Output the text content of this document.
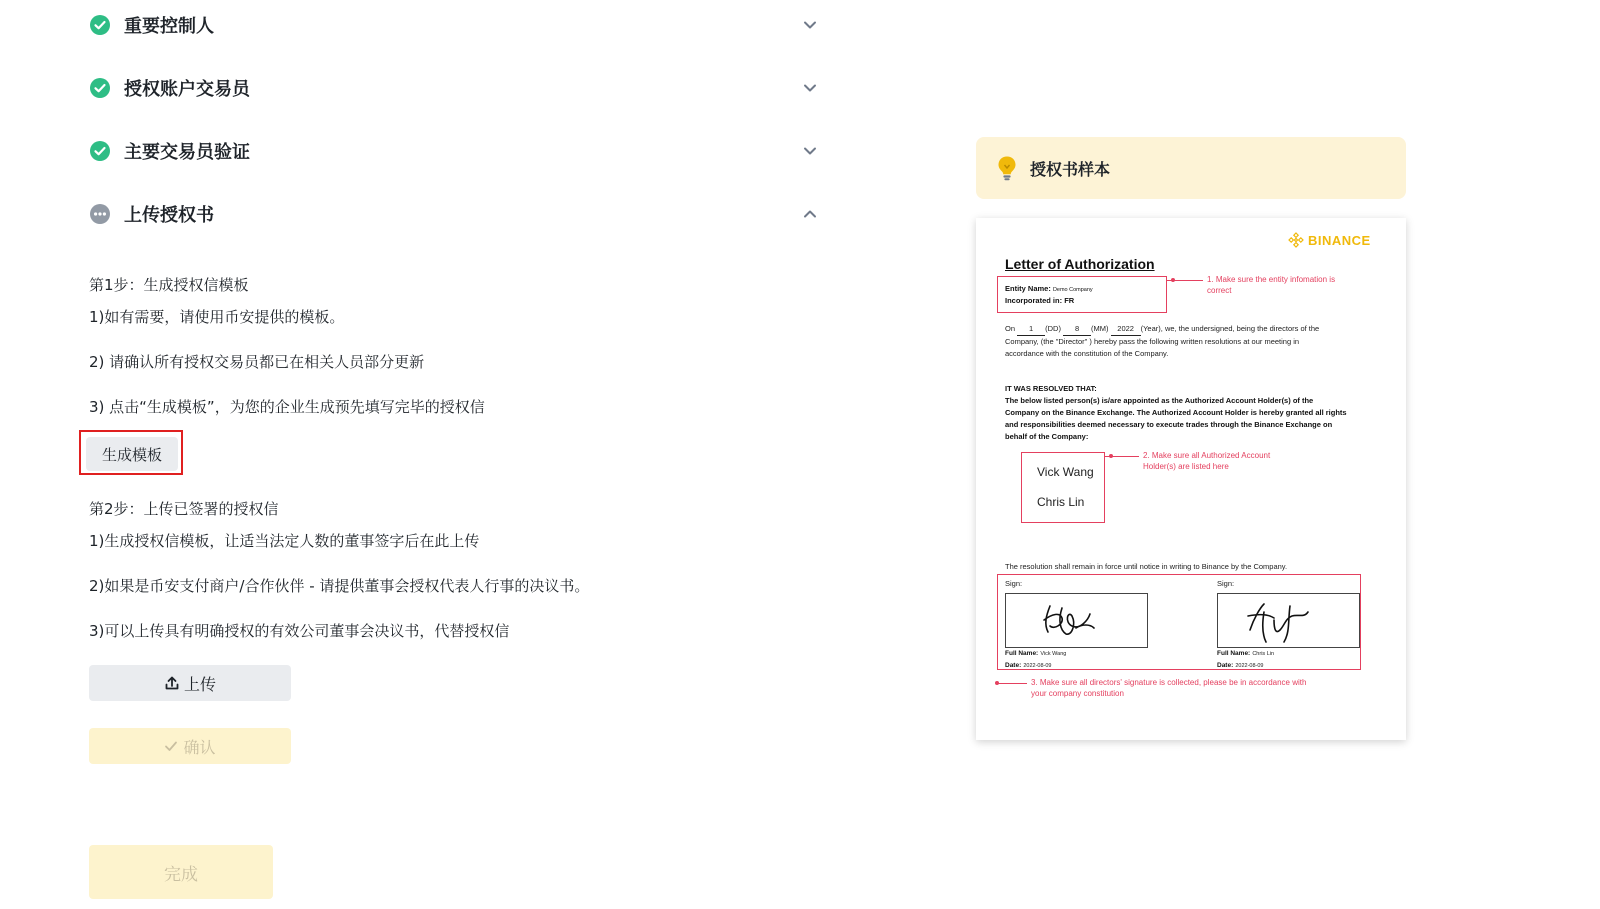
重要控制人
授权账户交易员
主要交易员验证
上传授权书
第1步：生成授权信模板
1)如有需要，请使用币安提供的模板。
2) 请确认所有授权交易员都已在相关人员部分更新
3) 点击“生成模板”，为您的企业生成预先填写完毕的授权信
生成模板
第2步：上传已签署的授权信
1)生成授权信模板，让适当法定人数的董事签字后在此上传
2)如果是币安支付商户/合作伙伴 - 请提供董事会授权代表人行事的决议书。
3)可以上传具有明确授权的有效公司董事会决议书，代替授权信
上传
确认
完成
授权书样本
BINANCE
Letter of Authorization
Entity Name: Demo Company
Incorporated in: FR
1. Make sure the entity infomation is
correct
On 1 (DD) 8 (MM) 2022 (Year), we, the undersigned, being the directors of the
Company, (the "Director" ) hereby pass the following written resolutions at our meeting in
accordance with the constitution of the Company.
IT WAS RESOLVED THAT:
The below listed person(s) is/are appointed as the Authorized Account Holder(s) of the
Company on the Binance Exchange. The Authorized Account Holder is hereby granted all rights
and responsibilities deemed necessary to execute trades through the Binance Exchange on
behalf of the Company:
Vick Wang
Chris Lin
2. Make sure all Authorized Account
Holder(s) are listed here
The resolution shall remain in force until notice in writing to Binance by the Company.
Sign:	Sign:
Full Name: Vick Wang
Date: 2022-08-09
Full Name: Chris Lin
Date: 2022-08-09
3. Make sure all directors' signature is collected, please be in accordance with
your company constitution
